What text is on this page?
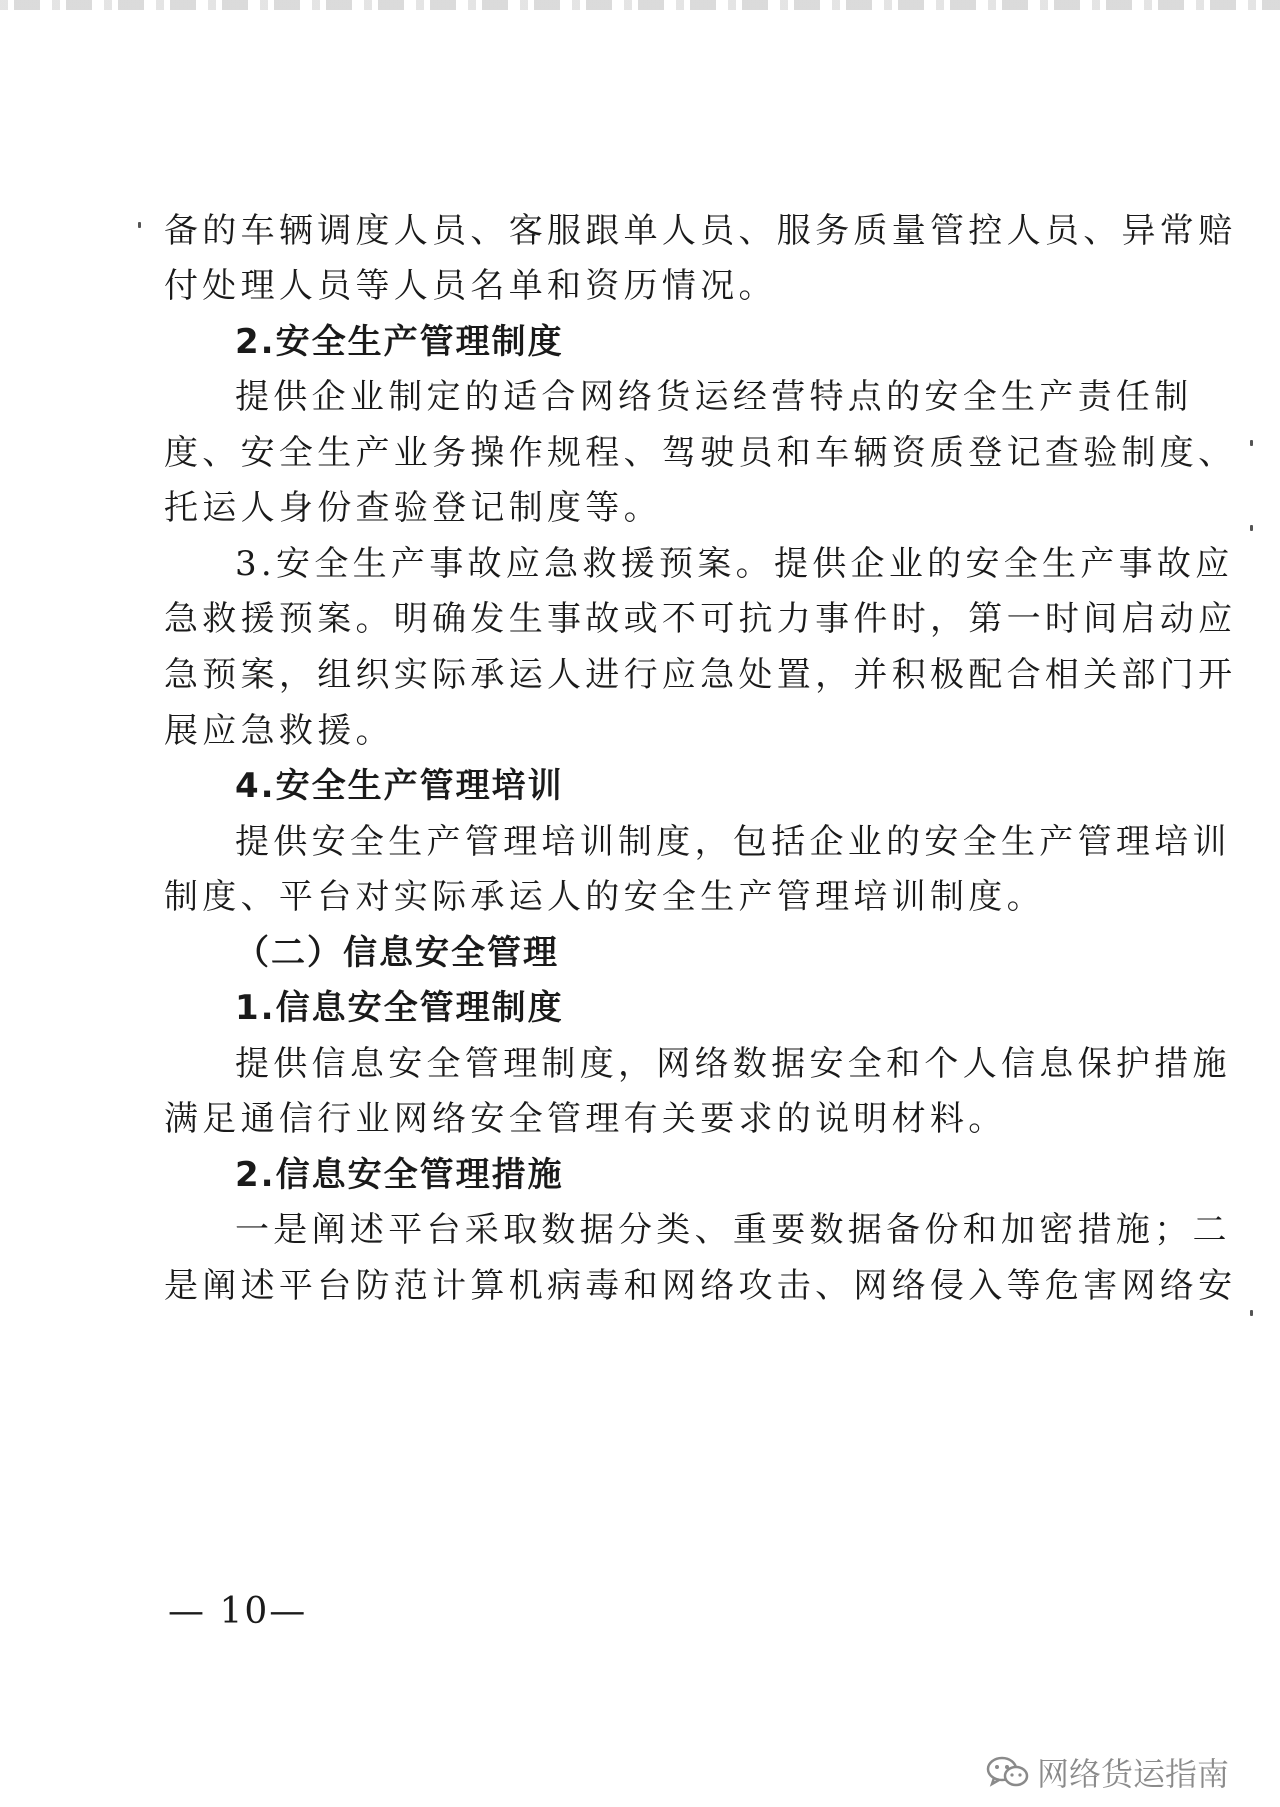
备的车辆调度人员、客服跟单人员、服务质量管控人员、异常赔
付处理人员等人员名单和资历情况。
2.安全生产管理制度
提供企业制定的适合网络货运经营特点的安全生产责任制
度、安全生产业务操作规程、驾驶员和车辆资质登记查验制度、
托运人身份查验登记制度等。
3.安全生产事故应急救援预案。提供企业的安全生产事故应
急救援预案。明确发生事故或不可抗力事件时，第一时间启动应
急预案，组织实际承运人进行应急处置，并积极配合相关部门开
展应急救援。
4.安全生产管理培训
提供安全生产管理培训制度，包括企业的安全生产管理培训
制度、平台对实际承运人的安全生产管理培训制度。
（二）信息安全管理
1.信息安全管理制度
提供信息安全管理制度，网络数据安全和个人信息保护措施
满足通信行业网络安全管理有关要求的说明材料。
2.信息安全管理措施
一是阐述平台采取数据分类、重要数据备份和加密措施；二
是阐述平台防范计算机病毒和网络攻击、网络侵入等危害网络安
— 10—
网络货运指南
